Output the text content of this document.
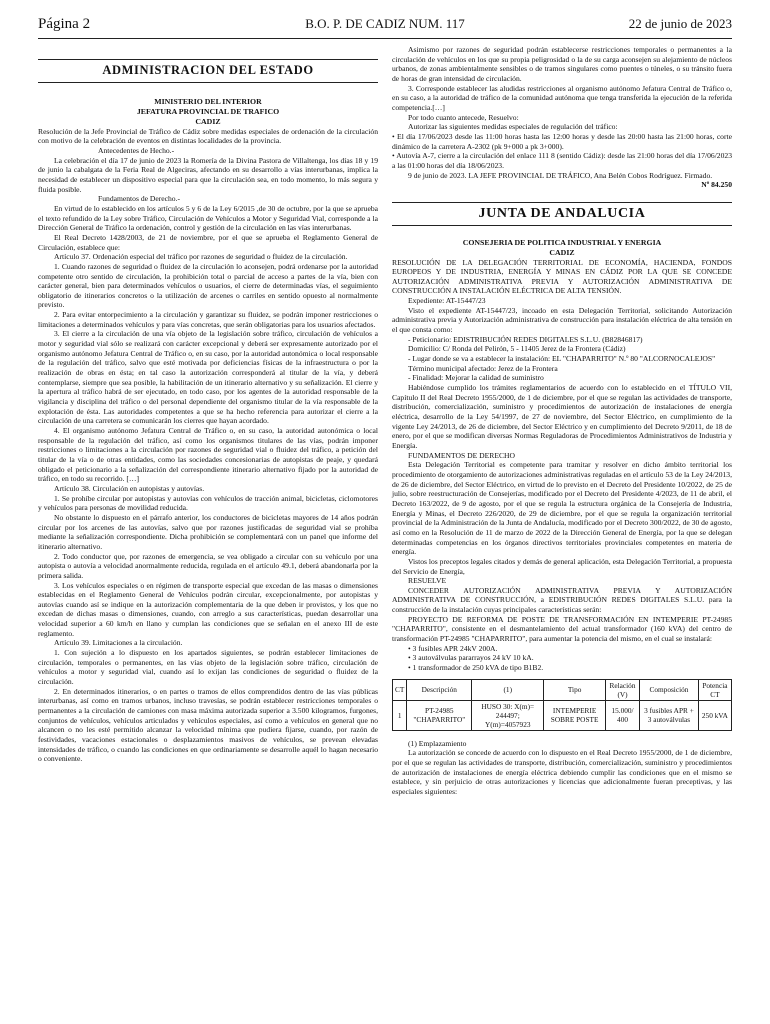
Página 2	B.O. P. DE CADIZ NUM. 117	22 de junio de 2023
ADMINISTRACION DEL ESTADO
MINISTERIO DEL INTERIOR
JEFATURA PROVINCIAL DE TRAFICO
CADIZ

Resolución de la Jefe Provincial de Tráfico de Cádiz sobre medidas especiales de ordenación de la circulación con motivo de la celebración de eventos en distintas localidades de la provincia.

Antecedentes de Hecho.-

La celebración el día 17 de junio de 2023 la Romería de la Divina Pastora de Villaltenga, los días 18 y 19 de junio la cabalgata de la Feria Real de Algeciras, afectando en su desarrollo a vías interurbanas, implica la necesidad de establecer un dispositivo especial para que la circulación sea, en todo momento, lo más segura y fluida posible.

Fundamentos de Derecho.-

En virtud de lo establecido en los artículos 5 y 6 de la Ley 6/2015 ,de 30 de octubre, por la que se aprueba el texto refundido de la Ley sobre Tráfico, Circulación de Vehículos a Motor y Seguridad Vial, corresponde a la Dirección General de Tráfico la ordenación, control y gestión de la circulación en las vías interurbanas.

El Real Decreto 1428/2003, de 21 de noviembre, por el que se aprueba el Reglamento General de Circulación, establece que:

Artículo 37. Ordenación especial del tráfico por razones de seguridad o fluidez de la circulación.

1. Cuando razones de seguridad o fluidez de la circulación lo aconsejen, podrá ordenarse por la autoridad competente otro sentido de circulación, la prohibición total o parcial de acceso a partes de la vía, bien con carácter general, bien para determinados vehículos o usuarios, el cierre de determinadas vías, el seguimiento obligatorio de itinerarios concretos o la utilización de arcenes o carriles en sentido opuesto al normalmente previsto.

2. Para evitar entorpecimiento a la circulación y garantizar su fluidez, se podrán imponer restricciones o limitaciones a determinados vehículos y para vías concretas, que serán obligatorias para los usuarios afectados.

3. El cierre a la circulación de una vía objeto de la legislación sobre tráfico, circulación de vehículos a motor y seguridad vial sólo se realizará con carácter excepcional y deberá ser expresamente autorizado por el organismo autónomo Jefatura Central de Tráfico o, en su caso, por la autoridad autonómica o local responsable de la regulación del tráfico, salvo que esté motivada por deficiencias físicas de la infraestructura o por la realización de obras en ésta; en tal caso la autorización corresponderá al titular de la vía, y deberá contemplarse, siempre que sea posible, la habilitación de un itinerario alternativo y su señalización. El cierre y la apertura al tráfico habrá de ser ejecutado, en todo caso, por los agentes de la autoridad responsable de la vigilancia y disciplina del tráfico o del personal dependiente del organismo titular de la vía responsable de la explotación de ésta. Las autoridades competentes a que se ha hecho referencia para autorizar el cierre a la circulación de una carretera se comunicarán los cierres que hayan acordado.

4. El organismo autónomo Jefatura Central de Tráfico o, en su caso, la autoridad autonómica o local responsable de la regulación del tráfico, así como los organismos titulares de las vías, podrán imponer restricciones o limitaciones a la circulación por razones de seguridad vial o fluidez del tráfico, a petición del titular de la vía o de otras entidades, como las sociedades concesionarias de autopistas de peaje, y quedará obligado el peticionario a la señalización del correspondiente itinerario alternativo fijado por la autoridad de tráfico, en todo su recorrido. […]

Artículo 38. Circulación en autopistas y autovías.

1. Se prohíbe circular por autopistas y autovías con vehículos de tracción animal, bicicletas, ciclomotores y vehículos para personas de movilidad reducida.

No obstante lo dispuesto en el párrafo anterior, los conductores de bicicletas mayores de 14 años podrán circular por los arcenes de las autovías, salvo que por razones justificadas de seguridad vial se prohíba mediante la señalización correspondiente. Dicha prohibición se complementará con un panel que informe del itinerario alternativo.

2. Todo conductor que, por razones de emergencia, se vea obligado a circular con su vehículo por una autopista o autovía a velocidad anormalmente reducida, regulada en el artículo 49.1, deberá abandonarla por la primera salida.

3. Los vehículos especiales o en régimen de transporte especial que excedan de las masas o dimensiones establecidas en el Reglamento General de Vehículos podrán circular, excepcionalmente, por autopistas y autovías cuando así se indique en la autorización complementaria de la que deben ir provistos, y los que no excedan de dichas masas o dimensiones, cuando, con arreglo a sus características, puedan desarrollar una velocidad superior a 60 km/h en llano y cumplan las condiciones que se señalan en el anexo III de este reglamento.

Artículo 39. Limitaciones a la circulación.

1. Con sujeción a lo dispuesto en los apartados siguientes, se podrán establecer limitaciones de circulación, temporales o permanentes, en las vías objeto de la legislación sobre tráfico, circulación de vehículos a motor y seguridad vial, cuando así lo exijan las condiciones de seguridad o fluidez de la circulación.

2. En determinados itinerarios, o en partes o tramos de ellos comprendidos dentro de las vías públicas interurbanas, así como en tramos urbanos, incluso travesías, se podrán establecer restricciones temporales o permanentes a la circulación de camiones con masa máxima autorizada superior a 3.500 kilogramos, furgones, conjuntos de vehículos, vehículos articulados y vehículos especiales, así como a vehículos en general que no alcancen o no les esté permitido alcanzar la velocidad mínima que pudiera fijarse, cuando, por razón de festividades, vacaciones estacionales o desplazamientos masivos de vehículos, se prevean elevadas intensidades de tráfico, o cuando las condiciones en que ordinariamente se desarrolle aquél lo hagan necesario o conveniente.

Asimismo por razones de seguridad podrán establecerse restricciones temporales o permanentes a la circulación de vehículos en los que su propia peligrosidad o la de su carga aconsejen su alejamiento de núcleos urbanos, de zonas ambientalmente sensibles o de tramos singulares como puentes o túneles, o su tránsito fuera de horas de gran intensidad de circulación.

3. Corresponde establecer las aludidas restricciones al organismo autónomo Jefatura Central de Tráfico o, en su caso, a la autoridad de tráfico de la comunidad autónoma que tenga transferida la ejecución de la referida competencia.[…]

Por todo cuanto antecede, Resuelvo:

Autorizar las siguientes medidas especiales de regulación del tráfico:

• El día 17/06/2023 desde las 11:00 horas hasta las 12:00 horas y desde las 20:00 hasta las 21:00 horas, corte dinámico de la carretera A-2302 (pk 9+000 a pk 3+000).

• Autovía A-7, cierre a la circulación del enlace 111 8 (sentido Cádiz): desde las 21:00 horas del día 17/06/2023 a las 01:00 horas del día 18/06/2023.

9 de junio de 2023. LA JEFE PROVINCIAL DE TRÁFICO, Ana Belén Cobos Rodríguez. Firmado.

Nº 84.250
JUNTA DE ANDALUCIA
CONSEJERIA DE POLITICA INDUSTRIAL Y ENERGIA
CADIZ

RESOLUCIÓN DE LA DELEGACIÓN TERRITORIAL DE ECONOMÍA, HACIENDA, FONDOS EUROPEOS Y DE INDUSTRIA, ENERGÍA Y MINAS EN CÁDIZ POR LA QUE SE CONCEDE AUTORIZACIÓN ADMINISTRATIVA PREVIA Y AUTORIZACIÓN ADMINISTRATIVA DE CONSTRUCCIÓN A INSTALACIÓN ELÉCTRICA DE ALTA TENSIÓN.

Expediente: AT-15447/23

Visto el expediente AT-15447/23, incoado en esta Delegación Territorial, solicitando Autorización administrativa previa y Autorización administrativa de construcción para instalación eléctrica de alta tensión en el que consta como:

- Peticionario: EDISTRIBUCIÓN REDES DIGITALES S.L.U. (B82846817)

Domicilio: C/ Ronda del Pelirón, 5 - 11405 Jerez de la Frontera (Cádiz)

- Lugar donde se va a establecer la instalación: EL "CHAPARRITO" N.º 80 "ALCORNOCALEJOS"

Término municipal afectado: Jerez de la Frontera

- Finalidad: Mejorar la calidad de suministro

Habiéndose cumplido los trámites reglamentarios de acuerdo con lo establecido en el TÍTULO VII, Capítulo II del Real Decreto 1955/2000, de 1 de diciembre, por el que se regulan las actividades de transporte, distribución, comercialización, suministro y procedimientos de autorización de instalaciones de energía eléctrica, desarrollo de la Ley 54/1997, de 27 de noviembre, del Sector Eléctrico, en cumplimiento de la vigente Ley 24/2013, de 26 de diciembre, del Sector Eléctrico y en cumplimiento del Decreto 9/2011, de 18 de enero, por el que se modifican diversas Normas Reguladoras de Procedimientos Administrativos de Industria y Energía.

FUNDAMENTOS DE DERECHO

Esta Delegación Territorial es competente para tramitar y resolver en dicho ámbito territorial los procedimiento de otorgamiento de autorizaciones administrativas reguladas en el artículo 53 de la Ley 24/2013, de 26 de diciembre, del Sector Eléctrico, en virtud de lo previsto en el Decreto del Presidente 10/2022, de 25 de julio, sobre reestructuración de Consejerías, modificado por el Decreto del Presidente 4/2023, de 11 de abril, el Decreto 163/2022, de 9 de agosto, por el que se regula la estructura orgánica de la Consejería de Industria, Energía y Minas, el Decreto 226/2020, de 29 de diciembre, por el que se regula la organización territorial provincial de la Administración de la Junta de Andalucía, modificado por el Decreto 300/2022, de 30 de agosto, así como en la Resolución de 11 de marzo de 2022 de la Dirección General de Energía, por la que se delegan determinadas competencias en los órganos directivos territoriales provinciales competentes en materia de energía.

Vistos los preceptos legales citados y demás de general aplicación, esta Delegación Territorial, a propuesta del Servicio de Energía,

RESUELVE

CONCEDER AUTORIZACIÓN ADMINISTRATIVA PREVIA Y AUTORIZACIÓN ADMINISTRATIVA DE CONSTRUCCIÓN, a EDISTRIBUCIÓN REDES DIGITALES S.L.U. para la construcción de la instalación cuyas principales características serán:

PROYECTO DE REFORMA DE POSTE DE TRANSFORMACIÓN EN INTEMPERIE PT-24985 "CHAPARRITO", consistente en el desmantelamiento del actual transformador (160 kVA) del centro de transformación PT-24985 "CHAPARRITO", para aumentar la potencia del mismo, en el cual se instalará:

• 3 fusibles APR 24kV 200A.

• 3 autoválvulas pararrayos 24 kV 10 kA.

• 1 transformador de 250 kVA de tipo B1B2.

CT	Descripción	(1)	Tipo	Relación (V)	Composición	Potencia CT
1	PT-24985 "CHAPARRITO"	HUSO 30: X(m)= 244497; Y(m)=4057923	INTEMPERIE SOBRE POSTE	15.000/ 400	3 fusibles APR + 3 autoválvulas	250 kVA

(1) Emplazamiento

La autorización se concede de acuerdo con lo dispuesto en el Real Decreto 1955/2000, de 1 de diciembre, por el que se regulan las actividades de transporte, distribución, comercialización, suministro y procedimientos de autorización de instalaciones de energía eléctrica debiendo cumplir las condiciones que en el mismo se establece, y sin perjuicio de otras autorizaciones y licencias que adicionalmente fueran preceptivas, y las especiales siguientes:
